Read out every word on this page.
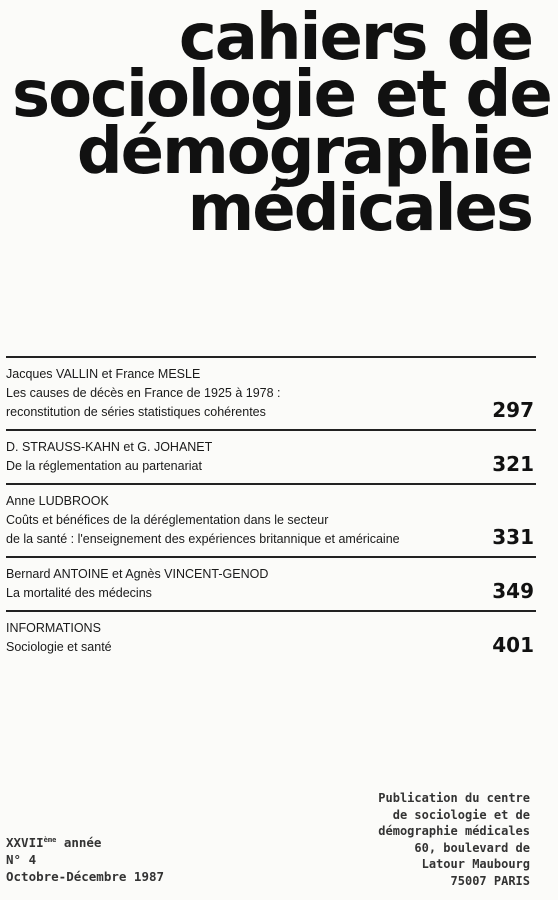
cahiers de
sociologie et de
démographie
médicales
Jacques VALLIN et France MESLE
Les causes de décès en France de 1925 à 1978 :
reconstitution de séries statistiques cohérentes	297
D. STRAUSS-KAHN et G. JOHANET
De la réglementation au partenariat	321
Anne LUDBROOK
Coûts et bénéfices de la déréglementation dans le secteur
de la santé : l'enseignement des expériences britannique et américaine	331
Bernard ANTOINE et Agnès VINCENT-GENOD
La mortalité des médecins	349
INFORMATIONS
Sociologie et santé	401
XXVIIème année
N° 4
Octobre-Décembre 1987
Publication du centre
de sociologie et de
démographie médicales
60, boulevard de
Latour Maubourg
75007 PARIS
